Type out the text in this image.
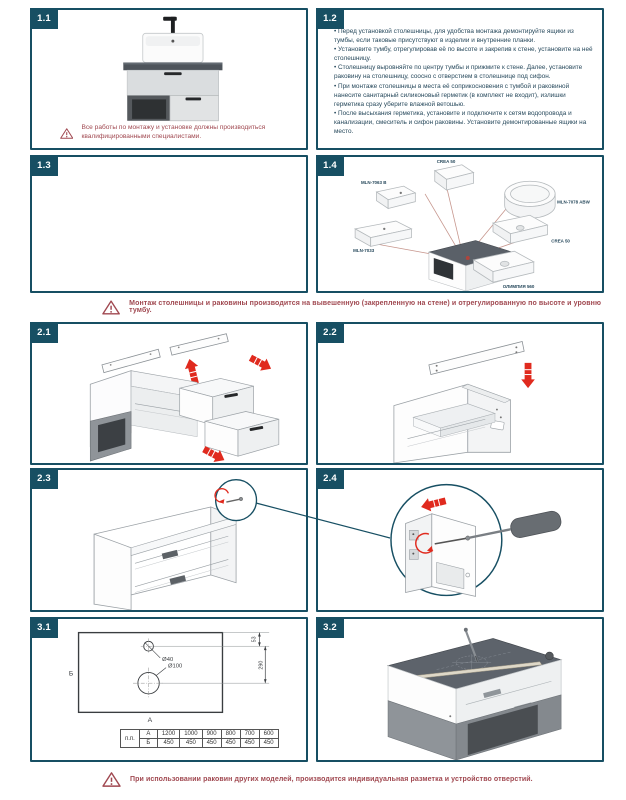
1.1
Все работы по монтажу и установке должны производиться квалифицированными специалистами.
1.2
• Перед установкой столешницы, для удобства монтажа демонтируйте ящики из тумбы, если таковые присутствуют в изделии и внутренние планки.
• Установите тумбу, отрегулировав её по высоте и закрепив к стене, установите на неё столешницу.
• Столешницу выровняйте по центру тумбы и прижмите к стене. Далее, установите раковину на столешницу, соосно с отверстием в столешнице под сифон.
• При монтаже столешницы в места её соприкосновения с тумбой и раковиной нанесите санитарный силиконовый герметик (в комплект не входит), излишки герметика сразу уберите влажной ветошью.
• После высыхания герметика, установите и подключите к сетям водопровода и канализации, смеситель и сифон раковины. Установите демонтированные ящики на место.
1.3	1.4	CREA 50
MLN-7063 В
MLN-7078 ABW
MLN-7033
CREA 50
ОЛИМПИЯ 560
Монтаж столешницы и раковины производится на вывешенную (закрепленную на стене) и отрегулированную по высоте и уровню тумбу.
2.1	2.2
2.3	2.4
3.1
Ø40
Ø100
Б
А
53
290
п.п.	А	1200	1000	900	800	700	600
	Б	450	450	450	450	450	450
3.2
При использовании раковин других моделей, производится индивидуальная разметка и устройство отверстий.
